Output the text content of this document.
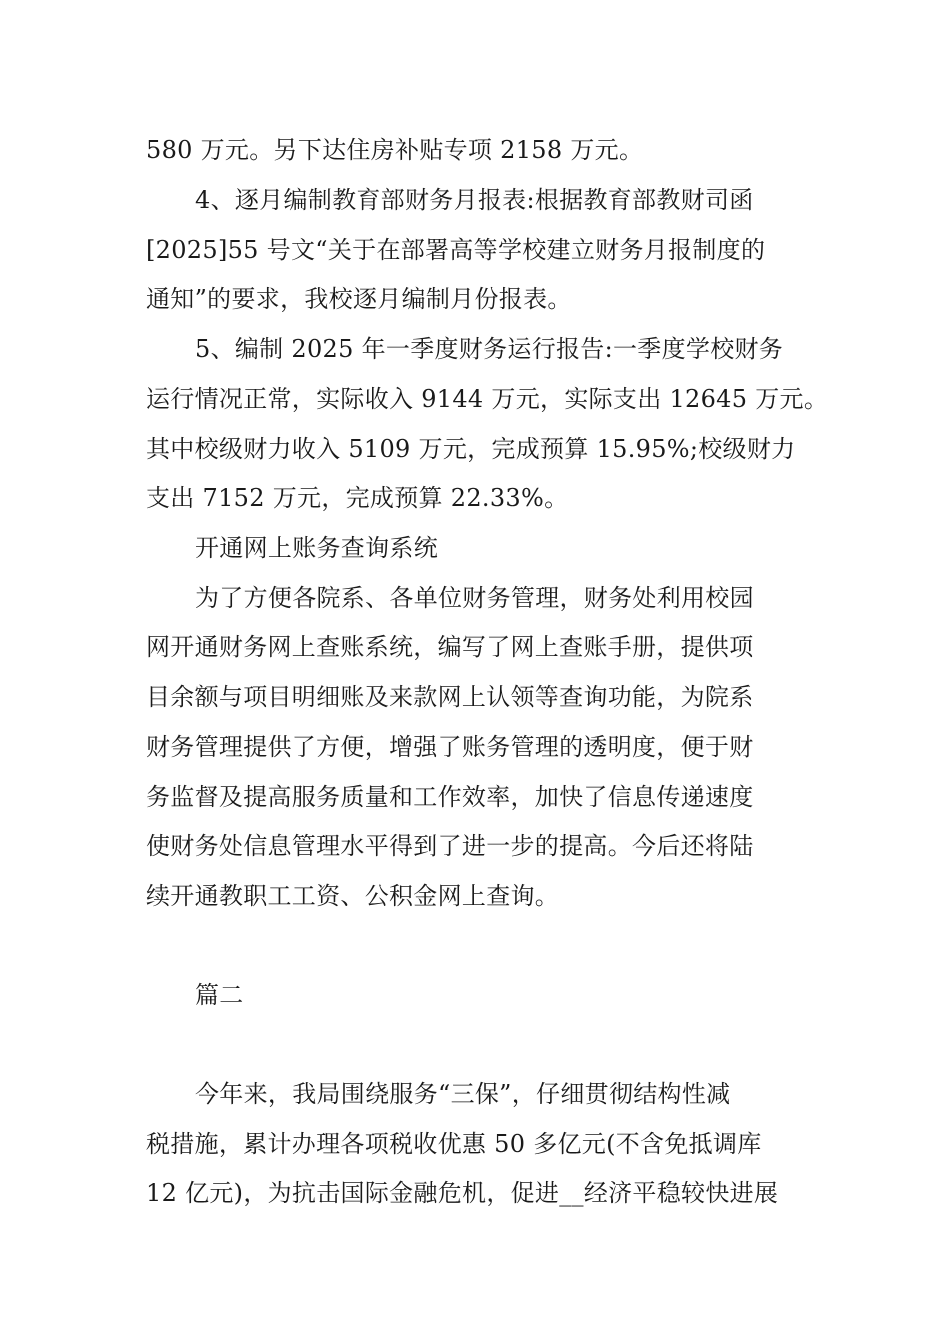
580 万元。另下达住房补贴专项 2158 万元。
4、逐月编制教育部财务月报表:根据教育部教财司函
[2025]55 号文“关于在部署高等学校建立财务月报制度的
通知”的要求，我校逐月编制月份报表。
5、编制 2025 年一季度财务运行报告:一季度学校财务
运行情况正常，实际收入 9144 万元，实际支出 12645 万元。
其中校级财力收入 5109 万元，完成预算 15.95%;校级财力
支出 7152 万元，完成预算 22.33%。
开通网上账务查询系统
为了方便各院系、各单位财务管理，财务处利用校园
网开通财务网上查账系统，编写了网上查账手册，提供项
目余额与项目明细账及来款网上认领等查询功能，为院系
财务管理提供了方便，增强了账务管理的透明度，便于财
务监督及提高服务质量和工作效率，加快了信息传递速度
使财务处信息管理水平得到了进一步的提高。今后还将陆
续开通教职工工资、公积金网上查询。
篇二
今年来，我局围绕服务“三保”，仔细贯彻结构性减
税措施，累计办理各项税收优惠 50 多亿元(不含免抵调库
12 亿元)，为抗击国际金融危机，促进__经济平稳较快进展
